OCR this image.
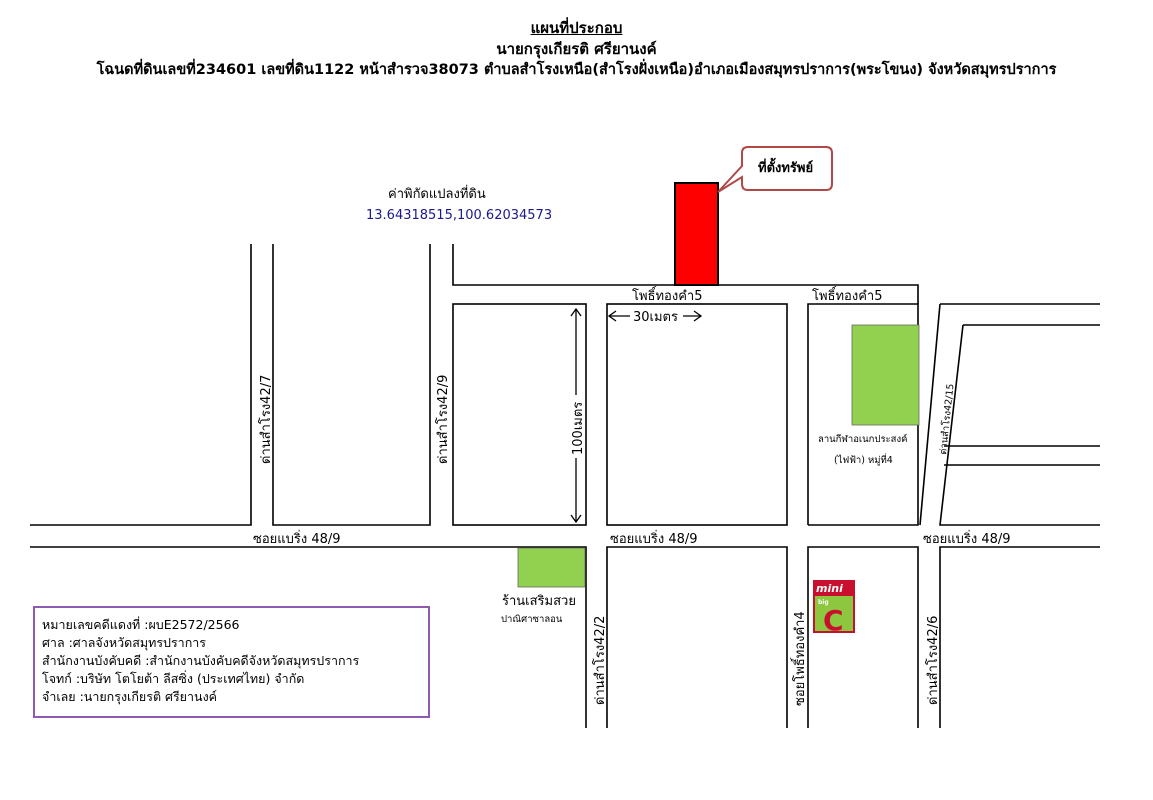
แผนที่ประกอบ
นายกรุงเกียรติ ศรียานงค์
โฉนดที่ดินเลขที่234601 เลขที่ดิน1122 หน้าสำรวจ38073 ตำบลสำโรงเหนือ(สำโรงฝั่งเหนือ)อำเภอเมืองสมุทรปราการ(พระโขนง) จังหวัดสมุทรปราการ
30เมตร
100เมตร
ที่ตั้งทรัพย์
ค่าพิกัดแปลงที่ดิน
13.64318515,100.62034573
โพธิ์ทองคำ5	โพธิ์ทองคำ5
ซอยแบริ่ง 48/9	ซอยแบริ่ง 48/9	ซอยแบริ่ง 48/9
ด่านสำโรง42/7	ด่านสำโรง42/9	ด่านสำโรง42/15
ด่านสำโรง42/2	ด่านสำโรง42/6
ซอยโพธิ์ทองคำ4
ลานกีฬาอเนกประสงค์
(ไฟฟ้า) หมู่ที่4
ร้านเสริมสวย
ปาณิศาซาลอน
mini
big
C
หมายเลขคดีแดงที่ :ผบE2572/2566
ศาล :ศาลจังหวัดสมุทรปราการ
สำนักงานบังคับคดี :สำนักงานบังคับคดีจังหวัดสมุทรปราการ
โจทก์ :บริษัท โตโยต้า ลีสซิ่ง (ประเทศไทย) จำกัด
จำเลย :นายกรุงเกียรติ ศรียานงค์
